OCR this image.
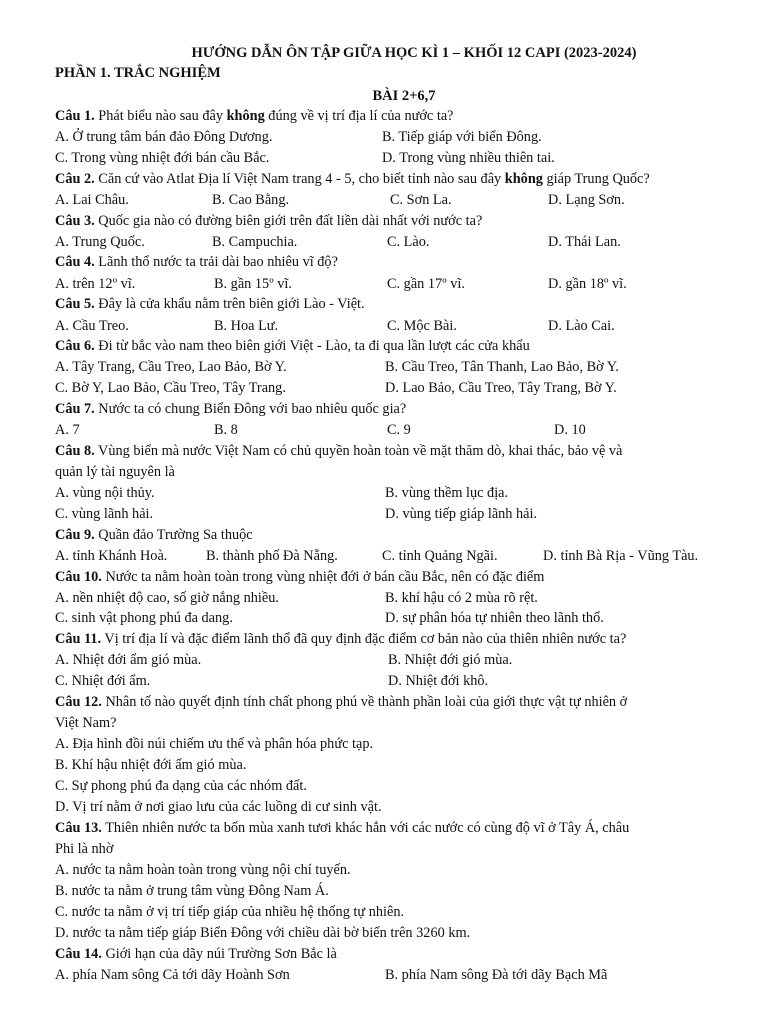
HƯỚNG DẪN ÔN TẬP GIỮA HỌC KÌ 1 – KHỐI 12 CAPI (2023-2024)
PHẦN 1. TRẮC NGHIỆM
BÀI 2+6,7
Câu 1. Phát biểu nào sau đây không đúng về vị trí địa lí của nước ta?
A. Ở trung tâm bán đảo Đông Dương.	B. Tiếp giáp với biển Đông.
C. Trong vùng nhiệt đới bán cầu Bắc.	D. Trong vùng nhiều thiên tai.
Câu 2. Căn cứ vào Atlat Địa lí Việt Nam trang 4 - 5, cho biết tỉnh nào sau đây không giáp Trung Quốc?
A. Lai Châu.	B. Cao Bằng.	C. Sơn La.	D. Lạng Sơn.
Câu 3. Quốc gia nào có đường biên giới trên đất liền dài nhất với nước ta?
A. Trung Quốc.	B. Campuchia.	C. Lào.	D. Thái Lan.
Câu 4. Lãnh thổ nước ta trải dài bao nhiêu vĩ độ?
A. trên 12º vĩ.	B. gần 15º vĩ.	C. gần 17º vĩ.	D. gần 18º vĩ.
Câu 5. Đây là cửa khẩu nằm trên biên giới Lào - Việt.
A. Cầu Treo.	B. Hoa Lư.	C. Mộc Bài.	D. Lào Cai.
Câu 6. Đi từ bắc vào nam theo biên giới Việt - Lào, ta đi qua lần lượt các cửa khẩu
A. Tây Trang, Cầu Treo, Lao Bảo, Bờ Y.	B. Cầu Treo, Tân Thanh, Lao Bảo, Bờ Y.
C. Bờ Y, Lao Bảo, Cầu Treo, Tây Trang.	D. Lao Bảo, Cầu Treo, Tây Trang, Bờ Y.
Câu 7. Nước ta có chung Biển Đông với bao nhiêu quốc gia?
A. 7	B. 8	C. 9	D. 10
Câu 8. Vùng biển mà nước Việt Nam có chủ quyền hoàn toàn về mặt thăm dò, khai thác, bảo vệ và
quản lý tài nguyên là
A. vùng nội thủy.	B. vùng thềm lục địa.
C. vùng lãnh hải.	D. vùng tiếp giáp lãnh hải.
Câu 9. Quần đảo Trường Sa thuộc
A. tỉnh Khánh Hoà.	B. thành phố Đà Nẵng.	C. tỉnh Quảng Ngãi.	D. tỉnh Bà Rịa - Vũng Tàu.
Câu 10. Nước ta nằm hoàn toàn trong vùng nhiệt đới ở bán cầu Bắc, nên có đặc điểm
A. nền nhiệt độ cao, số giờ nắng nhiều.	B. khí hậu có 2 mùa rõ rệt.
C. sinh vật phong phú đa dang.	D. sự phân hóa tự nhiên theo lãnh thổ.
Câu 11. Vị trí địa lí và đặc điểm lãnh thổ đã quy định đặc điểm cơ bản nào của thiên nhiên nước ta?
A. Nhiệt đới ẩm gió mùa.	B. Nhiệt đới gió mùa.
C. Nhiệt đới ẩm.	D. Nhiệt đới khô.
Câu 12. Nhân tố nào quyết định tính chất phong phú về thành phần loài của giới thực vật tự nhiên ở
Việt Nam?
A. Địa hình đồi núi chiếm ưu thế và phân hóa phức tạp.
B. Khí hậu nhiệt đới ẩm gió mùa.
C. Sự phong phú đa dạng của các nhóm đất.
D. Vị trí nằm ở nơi giao lưu của các luồng di cư sinh vật.
Câu 13. Thiên nhiên nước ta bốn mùa xanh tươi khác hẳn với các nước có cùng độ vĩ ở Tây Á, châu
Phi là nhờ
A. nước ta nằm hoàn toàn trong vùng nội chí tuyến.
B. nước ta nằm ở trung tâm vùng Đông Nam Á.
C. nước ta nằm ở vị trí tiếp giáp của nhiều hệ thống tự nhiên.
D. nước ta nằm tiếp giáp Biển Đông với chiều dài bờ biển trên 3260 km.
Câu 14. Giới hạn của dãy núi Trường Sơn Bắc là
A. phía Nam sông Cả tới dãy Hoành Sơn	B. phía Nam sông Đà tới dãy Bạch Mã
